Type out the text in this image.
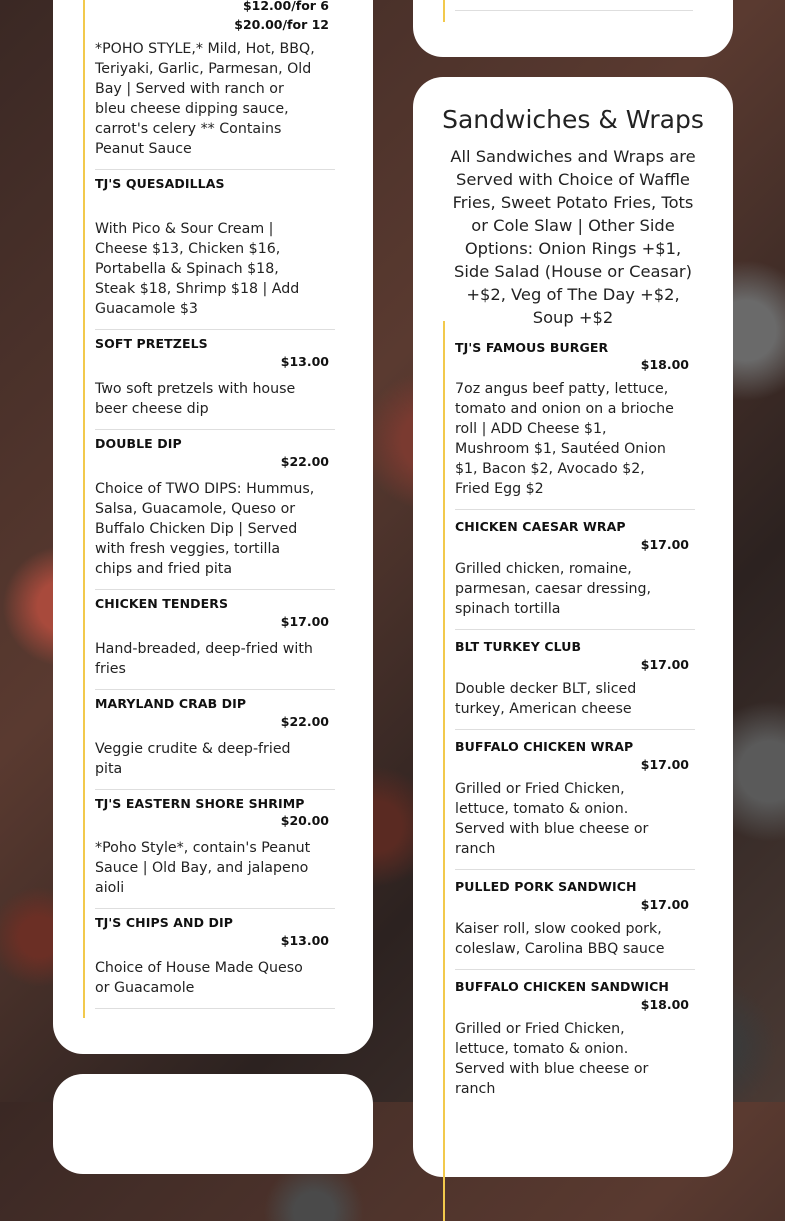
$12.00/for 6
$20.00/for 12
*POHO STYLE,* Mild, Hot, BBQ, Teriyaki, Garlic, Parmesan, Old Bay | Served with ranch or bleu cheese dipping sauce, carrot's celery ** Contains Peanut Sauce
TJ'S QUESADILLAS
With Pico & Sour Cream | Cheese $13, Chicken $16, Portabella & Spinach $18, Steak $18, Shrimp $18 | Add Guacamole $3
SOFT PRETZELS
$13.00
Two soft pretzels with house beer cheese dip
DOUBLE DIP
$22.00
Choice of TWO DIPS: Hummus, Salsa, Guacamole, Queso or Buffalo Chicken Dip | Served with fresh veggies, tortilla chips and fried pita
CHICKEN TENDERS
$17.00
Hand-breaded, deep-fried with fries
MARYLAND CRAB DIP
$22.00
Veggie crudite & deep-fried pita
TJ'S EASTERN SHORE SHRIMP
$20.00
*Poho Style*, contain's Peanut Sauce | Old Bay, and jalapeno aioli
TJ'S CHIPS AND DIP
$13.00
Choice of House Made Queso or Guacamole
Sandwiches & Wraps
All Sandwiches and Wraps are Served with Choice of Waffle Fries, Sweet Potato Fries, Tots or Cole Slaw | Other Side Options: Onion Rings +$1, Side Salad (House or Ceasar) +$2, Veg of The Day +$2, Soup +$2
TJ'S FAMOUS BURGER
$18.00
7oz angus beef patty, lettuce, tomato and onion on a brioche roll | ADD Cheese $1, Mushroom $1, Sautéed Onion $1, Bacon $2, Avocado $2, Fried Egg $2
CHICKEN CAESAR WRAP
$17.00
Grilled chicken, romaine, parmesan, caesar dressing, spinach tortilla
BLT TURKEY CLUB
$17.00
Double decker BLT, sliced turkey, American cheese
BUFFALO CHICKEN WRAP
$17.00
Grilled or Fried Chicken, lettuce, tomato & onion. Served with blue cheese or ranch
PULLED PORK SANDWICH
$17.00
Kaiser roll, slow cooked pork, coleslaw, Carolina BBQ sauce
BUFFALO CHICKEN SANDWICH
$18.00
Grilled or Fried Chicken, lettuce, tomato & onion. Served with blue cheese or ranch
